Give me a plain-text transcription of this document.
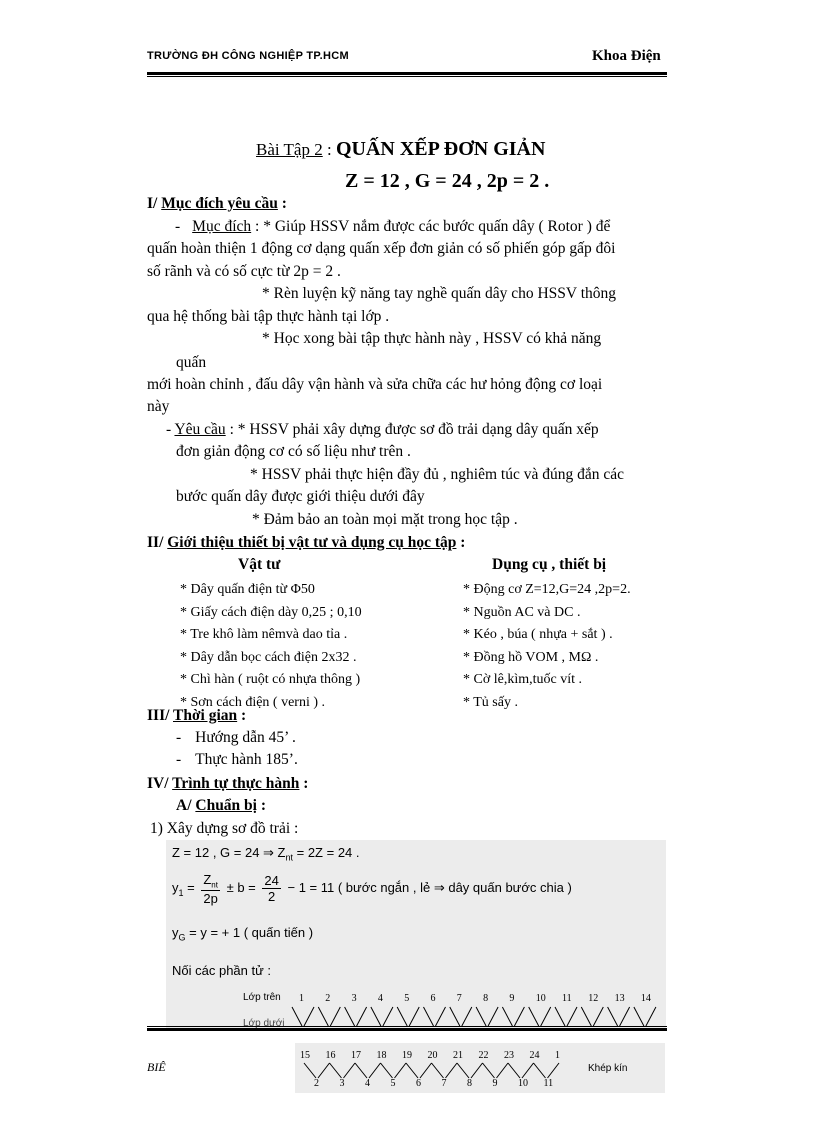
TRƯỜNG ĐH CÔNG NGHIỆP TP.HCM	Khoa Điện
Bài Tập 2 : QUẤN XẾP ĐƠN GIẢN
Z = 12 , G = 24 , 2p = 2 .
I/ Mục đích yêu cầu :
- Mục đích : * Giúp HSSV nắm được các bước quấn dây ( Rotor ) để
quấn hoàn thiện 1 động cơ dạng quấn xếp đơn giản có số phiến góp gấp đôi
số rãnh và có số cực từ 2p = 2 .
* Rèn luyện kỹ năng tay nghề quấn dây cho HSSV thông
qua hệ thống bài tập thực hành tại lớp .
* Học xong bài tập thực hành này , HSSV có khả năng
quấn
mới hoàn chỉnh , đấu dây vận hành và sửa chữa các hư hỏng động cơ loại
này
- Yêu cầu : * HSSV phải xây dựng được sơ đồ trải dạng dây quấn xếp
đơn giản động cơ có số liệu như trên .
* HSSV phải thực hiện đầy đủ , nghiêm túc và đúng đắn các
bước quấn dây được giới thiệu dưới đây
* Đảm bảo an toàn mọi mặt trong học tập .
II/ Giới thiệu thiết bị vật tư và dụng cụ học tập :
Vật tư	Dụng cụ , thiết bị
* Dây quấn điện từ Φ50
* Giấy cách điện dày 0,25 ; 0,10
* Tre khô làm nêmvà dao tỉa .
* Dây dẫn bọc cách điện 2x32 .
* Chì hàn ( ruột có nhựa thông )
* Sơn cách điện ( verni ) .
* Động cơ Z=12,G=24 ,2p=2.
* Nguồn AC và DC .
* Kéo , búa ( nhựa + sắt ) .
* Đồng hồ VOM , MΩ .
* Cờ lê,kìm,tuốc vít .
* Tủ sấy .
III/ Thời gian :
- Hướng dẫn 45’ .
- Thực hành 185’.
IV/ Trình tự thực hành :
A/ Chuẩn bị :
1) Xây dựng sơ đồ trải :
Z = 12 , G = 24 ⇒ $Z_{nt} = 2Z = 24$ .
$y_1 = \frac{Z_{nt}}{2p} \pm b = \frac{24}{2} - 1 = 11$ ( bước ngắn , lẻ ⇒ dây quấn bước chia )
$y_G = y$ = + 1 ( quấn tiến )
Nối các phần tử :
Lớp trên
Lớp dưới
1 2 3 4 5 6 7 8 9 10 11 12 13 14
BIÊ
15 16 17 18 19 20 21 22 23 24 1
2 3 4 5 6 7 8 9 10 11
Khép kín
